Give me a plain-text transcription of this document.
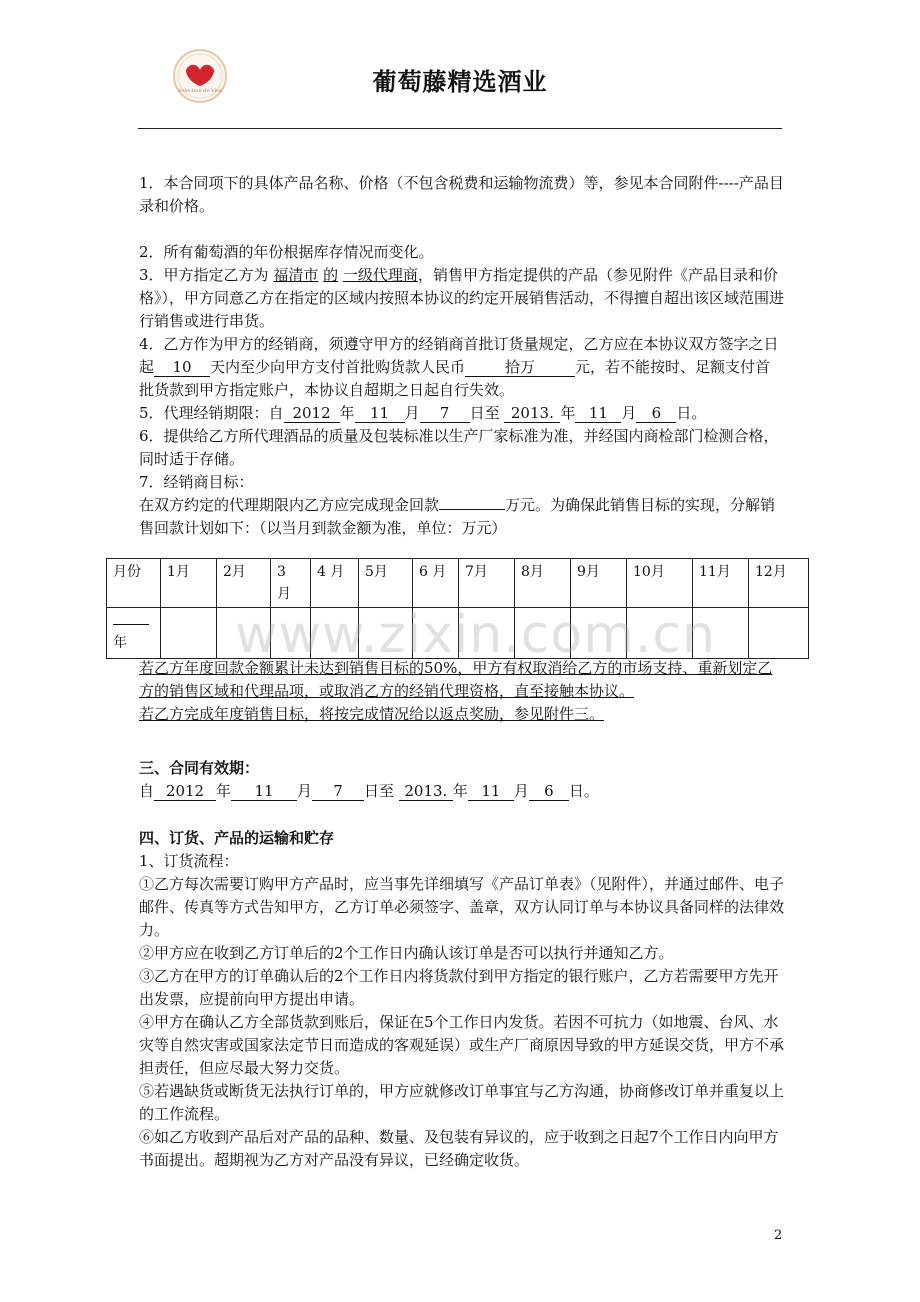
Selection de Vins	葡萄藤精选酒业

1．本合同项下的具体产品名称、价格（不包含税费和运输物流费）等，参见本合同附件----产品目录和价格。

2．所有葡萄酒的年份根据库存情况而变化。

3．甲方指定乙方为 福清市 的 一级代理商，销售甲方指定提供的产品（参见附件《产品目录和价格》），甲方同意乙方在指定的区域内按照本协议的约定开展销售活动，不得擅自超出该区域范围进行销售或进行串货。

4．乙方作为甲方的经销商，须遵守甲方的经销商首批订货量规定，乙方应在本协议双方签字之日起 10 天内至少向甲方支付首批购货款人民币	拾万	元，若不能按时、足额支付首批货款到甲方指定账户，本协议自超期之日起自行失效。

5．代理经销期限：自 2012 年 11 月 7 日至 2013. 年 11 月 6 日。

6．提供给乙方所代理酒品的质量及包装标准以生产厂家标准为准，并经国内商检部门检测合格，同时适于存储。

7．经销商目标：

在双方约定的代理期限内乙方应完成现金回款	万元。为确保此销售目标的实现，分解销售回款计划如下：（以当月到款金额为准，单位：万元）

月份	1月	2月	3 月	4 月	5月	6 月	7月	8月	9月	10月	11月	12月

年												www.zixin.com.cn

若乙方年度回款金额累计未达到销售目标的50%，甲方有权取消给乙方的市场支持、重新划定乙方的销售区域和代理品项，或取消乙方的经销代理资格，直至接触本协议。

若乙方完成年度销售目标，将按完成情况给以返点奖励，参见附件三。

三、合同有效期：

自 2012 年 11 月 7 日至 2013. 年 11 月 6 日。

四、订货、产品的运输和贮存

1、订货流程：

①乙方每次需要订购甲方产品时，应当事先详细填写《产品订单表》（见附件），并通过邮件、电子邮件、传真等方式告知甲方，乙方订单必须签字、盖章，双方认同订单与本协议具备同样的法律效力。

②甲方应在收到乙方订单后的2个工作日内确认该订单是否可以执行并通知乙方。

③乙方在甲方的订单确认后的2个工作日内将货款付到甲方指定的银行账户，乙方若需要甲方先开出发票，应提前向甲方提出申请。

④甲方在确认乙方全部货款到账后，保证在5个工作日内发货。若因不可抗力（如地震、台风、水灾等自然灾害或国家法定节日而造成的客观延误）或生产厂商原因导致的甲方延误交货，甲方不承担责任，但应尽最大努力交货。

⑤若遇缺货或断货无法执行订单的，甲方应就修改订单事宜与乙方沟通，协商修改订单并重复以上的工作流程。

⑥如乙方收到产品后对产品的品种、数量、及包装有异议的，应于收到之日起7个工作日内向甲方书面提出。超期视为乙方对产品没有异议，已经确定收货。

2
